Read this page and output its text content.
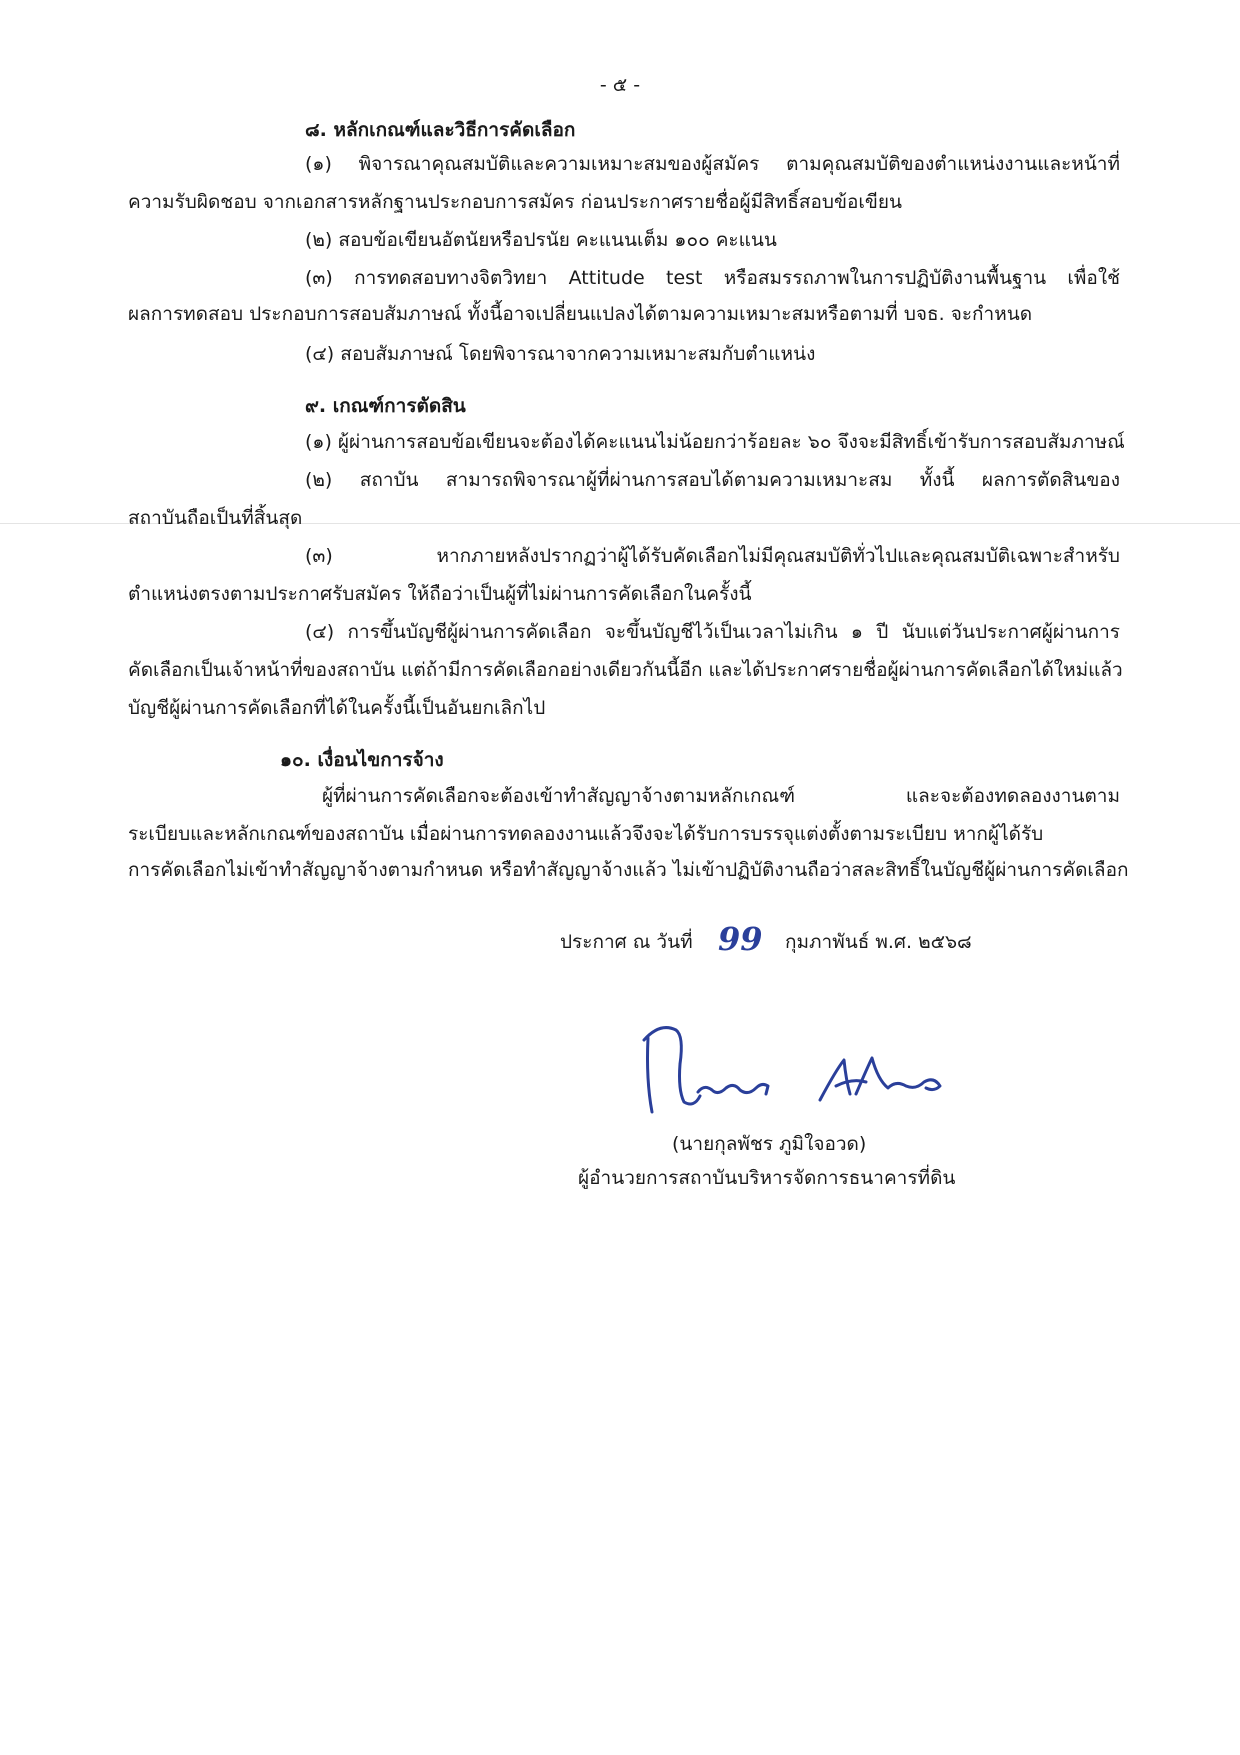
- ๕ -
๘. หลักเกณฑ์และวิธีการคัดเลือก
(๑) พิจารณาคุณสมบัติและความเหมาะสมของผู้สมัคร ตามคุณสมบัติของตำแหน่งงานและหน้าที่
ความรับผิดชอบ จากเอกสารหลักฐานประกอบการสมัคร ก่อนประกาศรายชื่อผู้มีสิทธิ์สอบข้อเขียน
(๒) สอบข้อเขียนอัตนัยหรือปรนัย คะแนนเต็ม ๑๐๐ คะแนน
(๓) การทดสอบทางจิตวิทยา Attitude test หรือสมรรถภาพในการปฏิบัติงานพื้นฐาน เพื่อใช้
ผลการทดสอบ ประกอบการสอบสัมภาษณ์ ทั้งนี้อาจเปลี่ยนแปลงได้ตามความเหมาะสมหรือตามที่ บจธ. จะกำหนด
(๔) สอบสัมภาษณ์ โดยพิจารณาจากความเหมาะสมกับตำแหน่ง
๙. เกณฑ์การตัดสิน
(๑) ผู้ผ่านการสอบข้อเขียนจะต้องได้คะแนนไม่น้อยกว่าร้อยละ ๖๐ จึงจะมีสิทธิ์เข้ารับการสอบสัมภาษณ์
(๒) สถาบัน สามารถพิจารณาผู้ที่ผ่านการสอบได้ตามความเหมาะสม ทั้งนี้ ผลการตัดสินของ
สถาบันถือเป็นที่สิ้นสุด
(๓) หากภายหลังปรากฏว่าผู้ได้รับคัดเลือกไม่มีคุณสมบัติทั่วไปและคุณสมบัติเฉพาะสำหรับ
ตำแหน่งตรงตามประกาศรับสมัคร ให้ถือว่าเป็นผู้ที่ไม่ผ่านการคัดเลือกในครั้งนี้
(๔) การขึ้นบัญชีผู้ผ่านการคัดเลือก จะขึ้นบัญชีไว้เป็นเวลาไม่เกิน ๑ ปี นับแต่วันประกาศผู้ผ่านการ
คัดเลือกเป็นเจ้าหน้าที่ของสถาบัน แต่ถ้ามีการคัดเลือกอย่างเดียวกันนี้อีก และได้ประกาศรายชื่อผู้ผ่านการคัดเลือกได้ใหม่แล้ว
บัญชีผู้ผ่านการคัดเลือกที่ได้ในครั้งนี้เป็นอันยกเลิกไป
๑๐. เงื่อนไขการจ้าง
ผู้ที่ผ่านการคัดเลือกจะต้องเข้าทำสัญญาจ้างตามหลักเกณฑ์ และจะต้องทดลองงานตาม
ระเบียบและหลักเกณฑ์ของสถาบัน เมื่อผ่านการทดลองงานแล้วจึงจะได้รับการบรรจุแต่งตั้งตามระเบียบ หากผู้ได้รับ
การคัดเลือกไม่เข้าทำสัญญาจ้างตามกำหนด หรือทำสัญญาจ้างแล้ว ไม่เข้าปฏิบัติงานถือว่าสละสิทธิ์ในบัญชีผู้ผ่านการคัดเลือก
ประกาศ ณ วันที่ 99 กุมภาพันธ์ พ.ศ. ๒๕๖๘
(นายกุลพัชร ภูมิใจอวด)
ผู้อำนวยการสถาบันบริหารจัดการธนาคารที่ดิน
